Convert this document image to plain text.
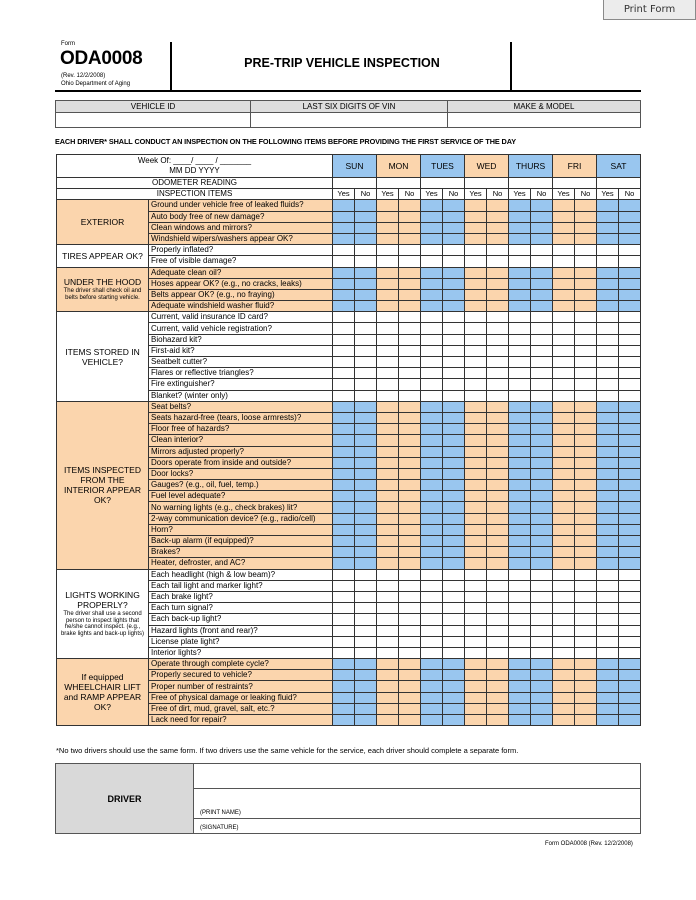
Print Form
Form
ODA0008
(Rev. 12/2/2008)
Ohio Department of Aging
PRE-TRIP VEHICLE INSPECTION
VEHICLE ID	LAST SIX DIGITS OF VIN	MAKE & MODEL

EACH DRIVER* SHALL CONDUCT AN INSPECTION ON THE FOLLOWING ITEMS BEFORE PROVIDING THE FIRST SERVICE OF THE DAY
Week Of: ____/ ____ / _______
MM DD YYYY		SUN		MON		TUES		WED		THURS		FRI		SAT	
ODOMETER READING															
INSPECTION ITEMS		Yes	No	Yes	No	Yes	No	Yes	No	Yes	No	Yes	No	Yes	No

EXTERIOR	Ground under vehicle free of leaked fluids?														
	Auto body free of new damage?														
	Clean windows and mirrors?														
	Windshield wipers/washers appear OK?														

TIRES APPEAR OK?	Properly inflated?														
	Free of visible damage?														

UNDER THE HOOD
The driver shall check oil and belts before starting vehicle.	Adequate clean oil?														
	Hoses appear OK? (e.g., no cracks, leaks)														
	Belts appear OK? (e.g., no fraying)														
	Adequate windshield washer fluid?														

ITEMS STORED IN VEHICLE?	Current, valid insurance ID card?														
	Current, valid vehicle registration?														
	Biohazard kit?														
	First-aid kit?														
	Seatbelt cutter?														
	Flares or reflective triangles?														
	Fire extinguisher?														
	Blanket? (winter only)														

ITEMS INSPECTED FROM THE INTERIOR APPEAR OK?	Seat belts?														
	Seats hazard-free (tears, loose armrests)?														
	Floor free of hazards?														
	Clean interior?														
	Mirrors adjusted properly?														
	Doors operate from inside and outside?														
	Door locks?														
	Gauges? (e.g., oil, fuel, temp.)														
	Fuel level adequate?														
	No warning lights (e.g., check brakes) lit?														
	2-way communication device? (e.g., radio/cell)														
	Horn?														
	Back-up alarm (if equipped)?														
	Brakes?														
	Heater, defroster, and AC?														

LIGHTS WORKING PROPERLY?
The driver shall use a second person to inspect lights that he/she cannot inspect. (e.g., brake lights and back-up lights)	Each headlight (high & low beam)?														
	Each tail light and marker light?														
	Each brake light?														
	Each turn signal?														
	Each back-up light?														
	Hazard lights (front and rear)?														
	License plate light?														
	Interior lights?														

If equipped WHEELCHAIR LIFT and RAMP APPEAR OK?	Operate through complete cycle?														
	Properly secured to vehicle?														
	Proper number of restraints?														
	Free of physical damage or leaking fluid?														
	Free of dirt, mud, gravel, salt, etc.?														
	Lack need for repair?														
*No two drivers should use the same form. If two drivers use the same vehicle for the service, each driver should complete a separate form.
DRIVER	
(PRINT NAME)
(SIGNATURE)
Form ODA0008 (Rev. 12/2/2008)
